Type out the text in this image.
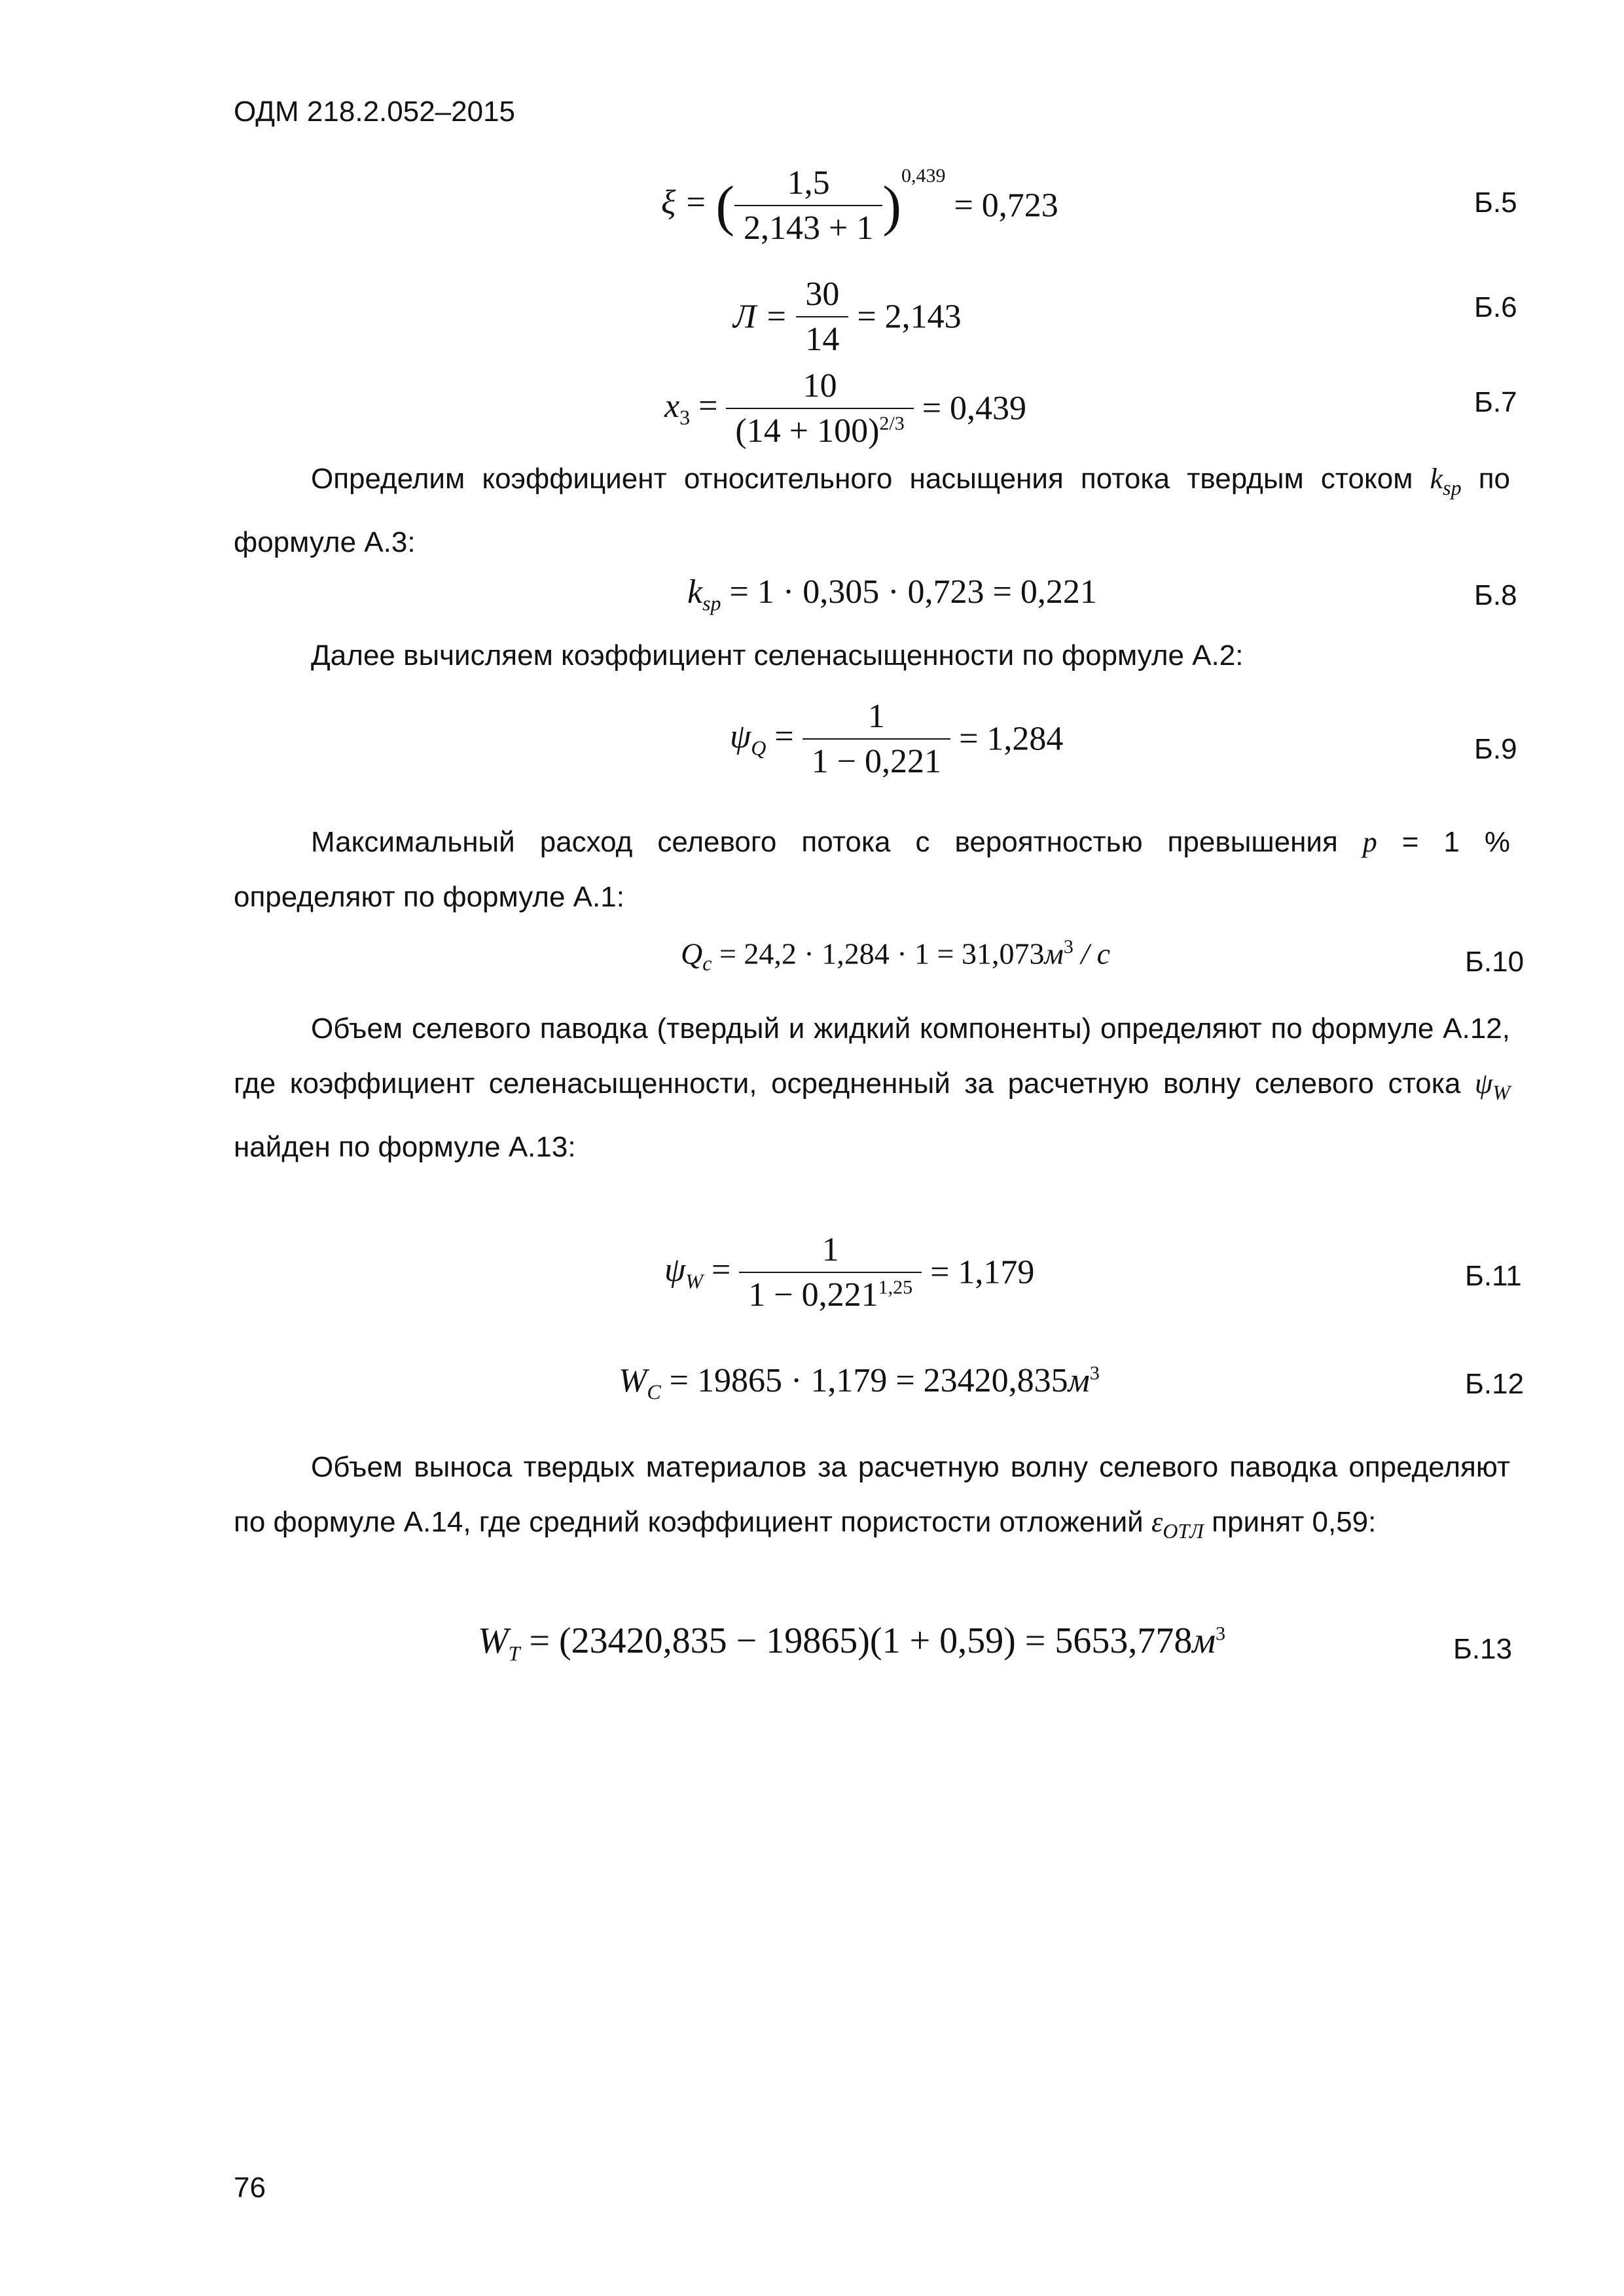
ОДМ 218.2.052–2015
ξ = ( $\frac{1,5}{2,143 + 1} )^{0,439} = 0,723$	Б.5
$Л = \frac{30}{14} = 2,143$	Б.6
$x_3 = \frac{10}{(14 + 100)^{2/3}} = 0,439$	Б.7
Определим коэффициент относительного насыщения потока твердым стоком $k_{sp}$ по формуле А.3:
$k_{sp} = 1 \cdot 0,305 \cdot 0,723 = 0,221$	Б.8
Далее вычисляем коэффициент селенасыщенности по формуле А.2:
$\psi_Q = \frac{1}{1 - 0,221} = 1,284$	Б.9
Максимальный расход селевого потока с вероятностью превышения p = 1 % определяют по формуле А.1:
$Q_c = 24,2 \cdot 1,284 \cdot 1 = 31,073м^3 / c$	Б.10
Объем селевого паводка (твердый и жидкий компоненты) определяют по формуле А.12, где коэффициент селенасыщенности, осредненный за расчетную волну селевого стока $\psi_W$ найден по формуле А.13:
$\psi_W = \frac{1}{1 - 0,221^{1,25}} = 1,179$	Б.11
$W_C = 19865 \cdot 1,179 = 23420,835м^3$	Б.12
Объем выноса твердых материалов за расчетную волну селевого паводка определяют по формуле А.14, где средний коэффициент пористости отложений $\varepsilon_{ОТЛ}$ принят 0,59:
$W_T = (23420,835 - 19865)(1 + 0,59) = 5653,778м^3$	Б.13
76
